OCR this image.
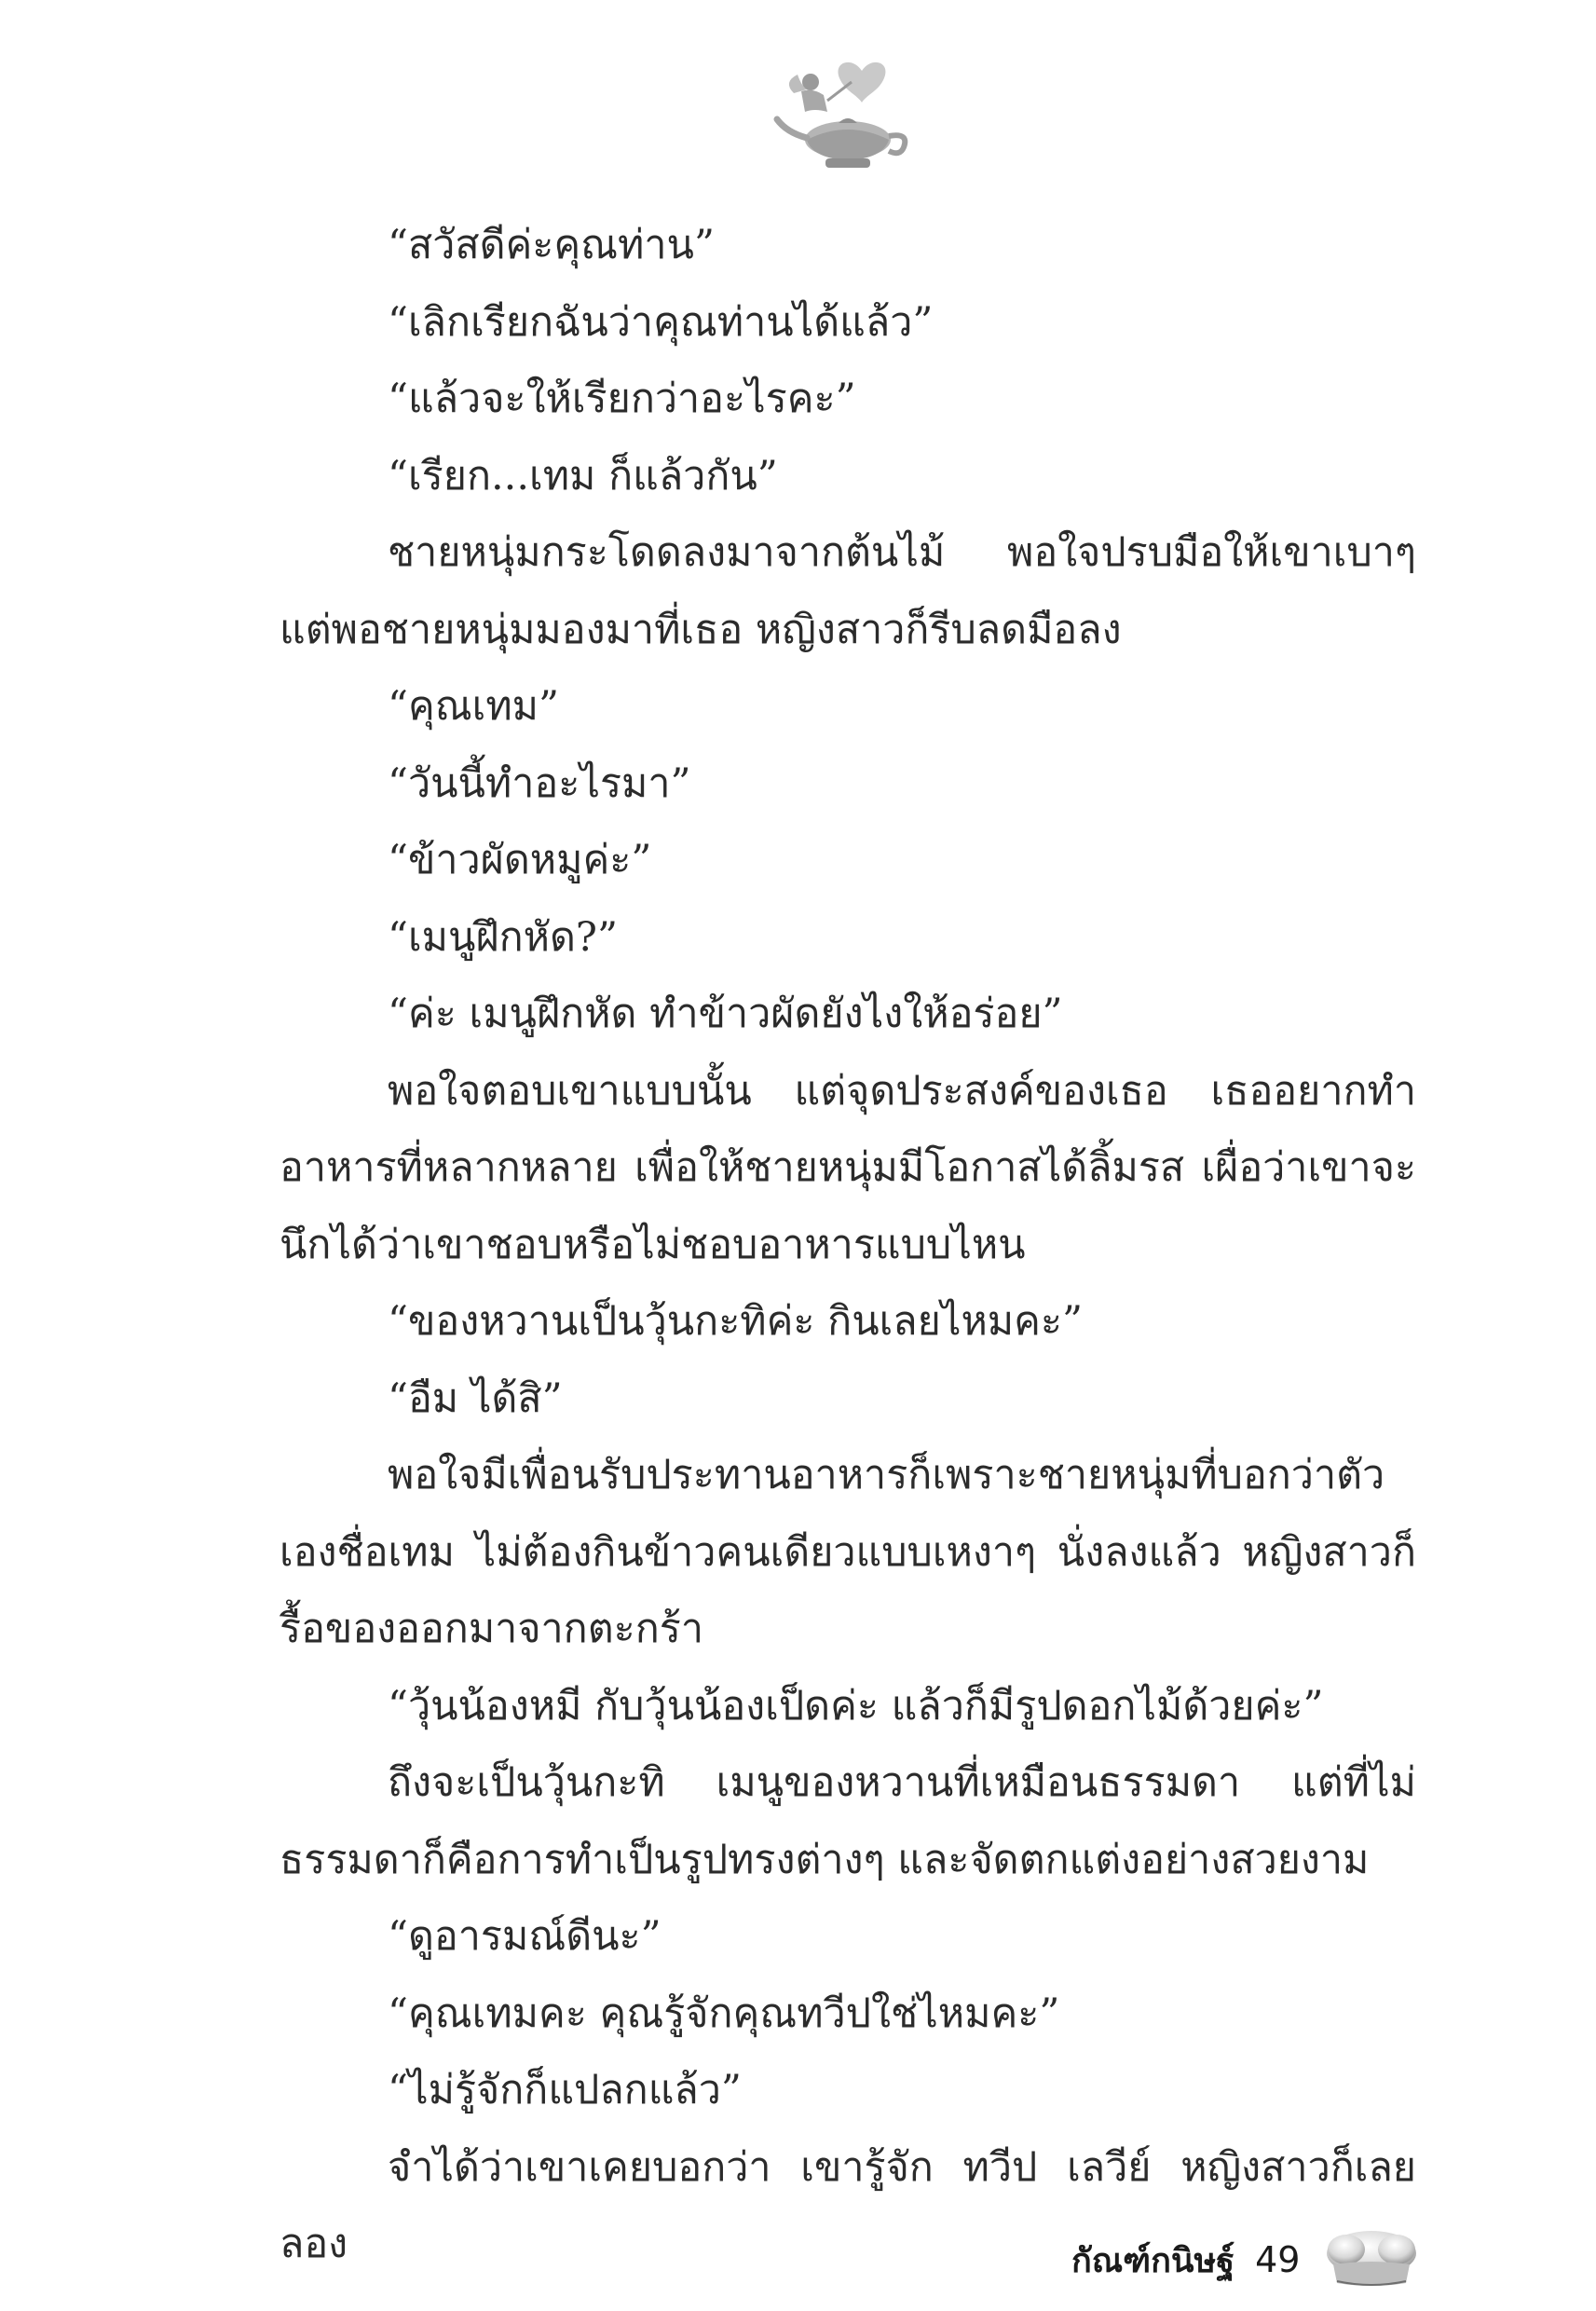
“สวัสดีค่ะคุณท่าน”

“เลิกเรียกฉันว่าคุณท่านได้แล้ว”

“แล้วจะให้เรียกว่าอะไรคะ”

“เรียก...เทม ก็แล้วกัน”

ชายหนุ่มกระโดดลงมาจากต้นไม้ พอใจปรบมือให้เขาเบาๆ แต่พอชายหนุ่มมองมาที่เธอ หญิงสาวก็รีบลดมือลง

“คุณเทม”

“วันนี้ทำอะไรมา”

“ข้าวผัดหมูค่ะ”

“เมนูฝึกหัด?”

“ค่ะ เมนูฝึกหัด ทำข้าวผัดยังไงให้อร่อย”

พอใจตอบเขาแบบนั้น แต่จุดประสงค์ของเธอ เธออยากทำอาหารที่หลากหลาย เพื่อให้ชายหนุ่มมีโอกาสได้ลิ้มรส เผื่อว่าเขาจะนึกได้ว่าเขาชอบหรือไม่ชอบอาหารแบบไหน

“ของหวานเป็นวุ้นกะทิค่ะ กินเลยไหมคะ”

“อืม ได้สิ”

พอใจมีเพื่อนรับประทานอาหารก็เพราะชายหนุ่มที่บอกว่าตัวเองชื่อเทม ไม่ต้องกินข้าวคนเดียวแบบเหงาๆ นั่งลงแล้ว หญิงสาวก็รื้อของออกมาจากตะกร้า

“วุ้นน้องหมี กับวุ้นน้องเป็ดค่ะ แล้วก็มีรูปดอกไม้ด้วยค่ะ”

ถึงจะเป็นวุ้นกะทิ เมนูของหวานที่เหมือนธรรมดา แต่ที่ไม่ธรรมดาก็คือการทำเป็นรูปทรงต่างๆ และจัดตกแต่งอย่างสวยงาม

“ดูอารมณ์ดีนะ”

“คุณเทมคะ คุณรู้จักคุณทวีปใช่ไหมคะ”

“ไม่รู้จักก็แปลกแล้ว”

จำได้ว่าเขาเคยบอกว่า เขารู้จัก ทวีป เลวีย์ หญิงสาวก็เลยลอง	กัณฑ์กนิษฐ์ 49
